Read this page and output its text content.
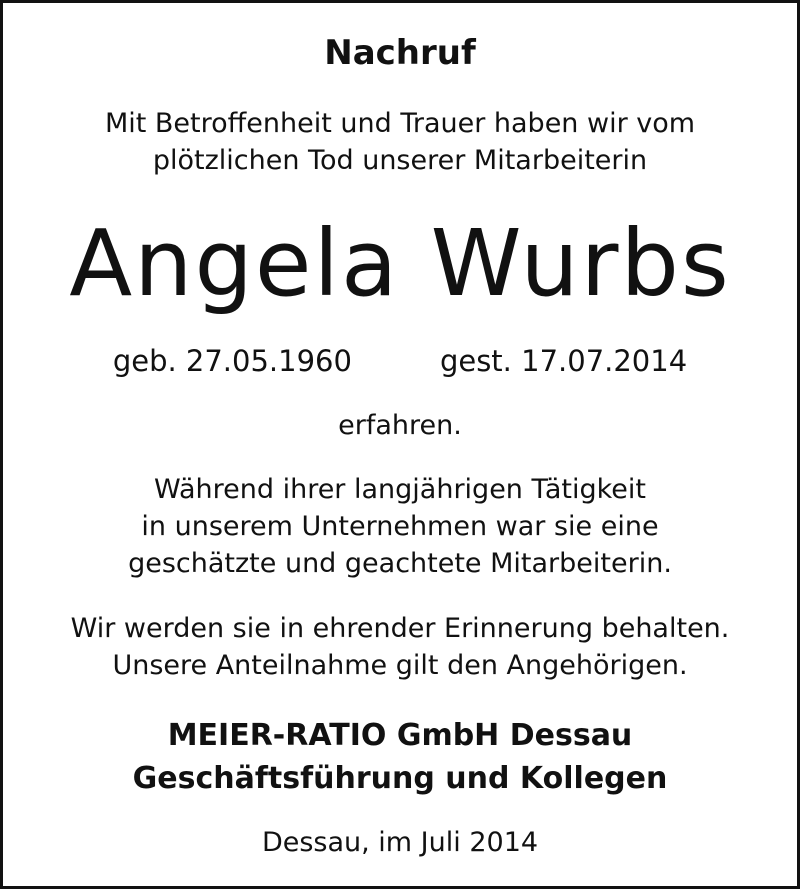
Nachruf
Mit Betroffenheit und Trauer haben wir vom
plötzlichen Tod unserer Mitarbeiterin
Angela Wurbs
geb. 27.05.1960	gest. 17.07.2014
erfahren.
Während ihrer langjährigen Tätigkeit
in unserem Unternehmen war sie eine
geschätzte und geachtete Mitarbeiterin.
Wir werden sie in ehrender Erinnerung behalten.
Unsere Anteilnahme gilt den Angehörigen.
MEIER-RATIO GmbH Dessau
Geschäftsführung und Kollegen
Dessau, im Juli 2014
